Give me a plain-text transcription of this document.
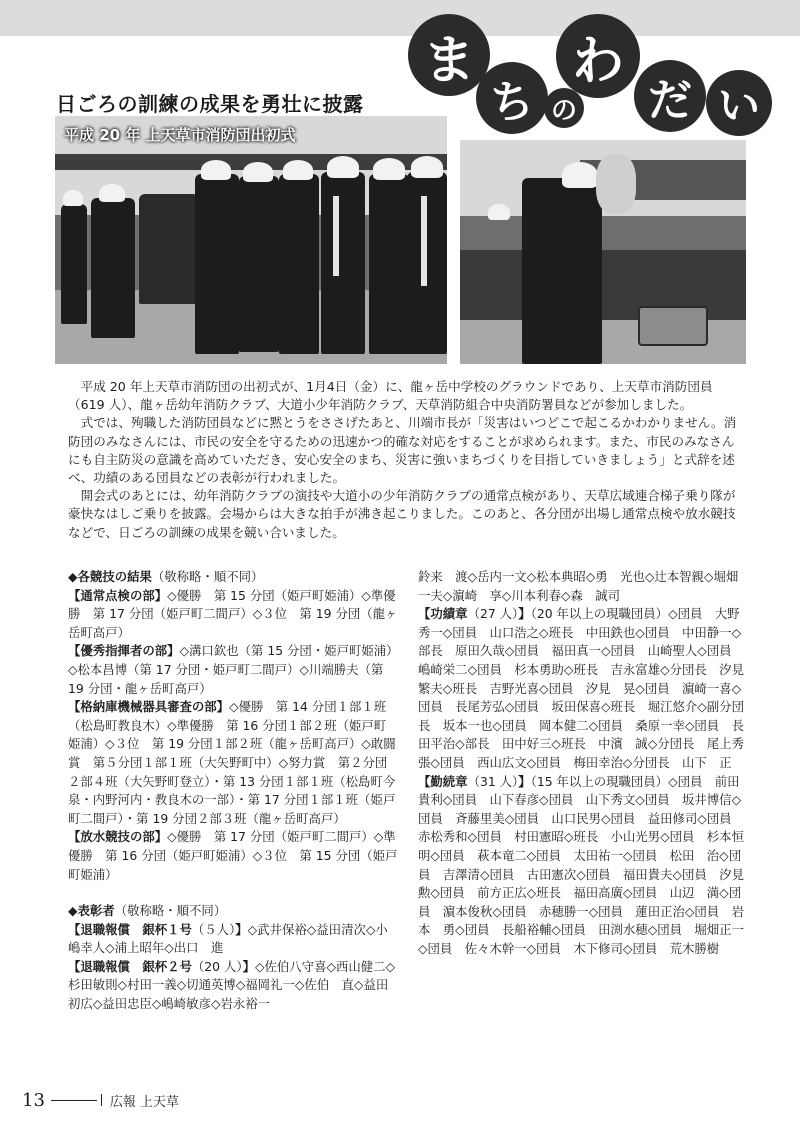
ま
ち の
わ
だ い
日ごろの訓練の成果を勇壮に披露
平成 20 年 上天草市消防団出初式

平成 20 年上天草市消防団の出初式が、1月4日（金）に、龍ヶ岳中学校のグラウンドであり、上天草市消防団員（619 人）、龍ヶ岳幼年消防クラブ、大道小少年消防クラブ、天草消防組合中央消防署員などが参加しました。

式では、殉職した消防団員などに黙とうをささげたあと、川端市長が「災害はいつどこで起こるかわかりません。消防団のみなさんには、市民の安全を守るための迅速かつ的確な対応をすることが求められます。また、市民のみなさんにも自主防災の意識を高めていただき、安心安全のまち、災害に強いまちづくりを目指していきましょう」と式辞を述べ、功績のある団員などの表彰が行われました。

開会式のあとには、幼年消防クラブの演技や大道小の少年消防クラブの通常点検があり、天草広域連合梯子乗り隊が豪快なはしご乗りを披露。会場からは大きな拍手が沸き起こりました。このあと、各分団が出場し通常点検や放水競技などで、日ごろの訓練の成果を競い合いました。

◆各競技の結果（敬称略・順不同）
【通常点検の部】◇優勝　第 15 分団（姫戸町姫浦）◇準優勝　第 17 分団（姫戸町二間戸）◇３位　第 19 分団（龍ヶ岳町高戸）
【優秀指揮者の部】◇溝口欽也（第 15 分団・姫戸町姫浦）◇松本昌博（第 17 分団・姫戸町二間戸）◇川端勝夫（第 19 分団・龍ヶ岳町高戸）
【格納庫機械器具審査の部】◇優勝　第 14 分団１部１班（松島町教良木）◇準優勝　第 16 分団１部２班（姫戸町姫浦）◇３位　第 19 分団１部２班（龍ヶ岳町高戸）◇敢闘賞　第５分団１部１班（大矢野町中）◇努力賞　第２分団２部４班（大矢野町登立）・第 13 分団１部１班（松島町今泉・内野河内・教良木の一部）・第 17 分団１部１班（姫戸町二間戸）・第 19 分団２部３班（龍ヶ岳町高戸）
【放水競技の部】◇優勝　第 17 分団（姫戸町二間戸）◇準優勝　第 16 分団（姫戸町姫浦）◇３位　第 15 分団（姫戸町姫浦）
◆表彰者（敬称略・順不同）
【退職報償　銀杯１号（５人）】◇武井保裕◇益田清次◇小嶋幸人◇浦上昭年◇出口　進
【退職報償　銀杯２号（20 人）】◇佐伯八守喜◇西山健二◇杉田敏則◇村田一義◇切通英博◇福岡礼一◇佐伯　直◇益田初広◇益田忠臣◇嶋崎敏彦◇岩永裕一
鈴来　渡◇岳内一文◇松本典昭◇勇　光也◇辻本智親◇堀畑一夫◇濵崎　享◇川本利春◇森　誠司
【功績章（27 人）】（20 年以上の現職団員）◇団員　大野秀一◇団員　山口浩之◇班長　中田鉄也◇団員　中田静一◇部長　原田久哉◇団員　福田真一◇団員　山崎聖人◇団員　嶋崎栄二◇団員　杉本勇助◇班長　吉永富雄◇分団長　汐見繁夫◇班長　吉野光喜◇団員　汐見　晃◇団員　濵崎一喜◇団員　長尾芳弘◇団員　坂田保喜◇班長　堀江悠介◇副分団長　坂本一也◇団員　岡本健二◇団員　桑原一幸◇団員　長田平治◇部長　田中好三◇班長　中濱　誠◇分団長　尾上秀張◇団員　西山広文◇団員　梅田幸治◇分団長　山下　正
【勤続章（31 人）】（15 年以上の現職団員）◇団員　前田貴利◇団員　山下春彦◇団員　山下秀文◇団員　坂井博信◇団員　斉藤里美◇団員　山口民男◇団員　益田修司◇団員　赤松秀和◇団員　村田憲昭◇班長　小山光男◇団員　杉本恒明◇団員　萩本竜二◇団員　太田祐一◇団員　松田　治◇団員　吉澤清◇団員　古田憲次◇団員　福田貴夫◇団員　汐見　勲◇団員　前方正広◇班長　福田高廣◇団員　山辺　満◇団員　濵本俊秋◇団員　赤穂勝一◇団員　蓮田正治◇団員　岩本　勇◇団員　長船裕輔◇団員　田渕水穂◇団員　堀畑正一◇団員　佐々木幹一◇団員　木下修司◇団員　荒木勝樹
13	広報 上天草
